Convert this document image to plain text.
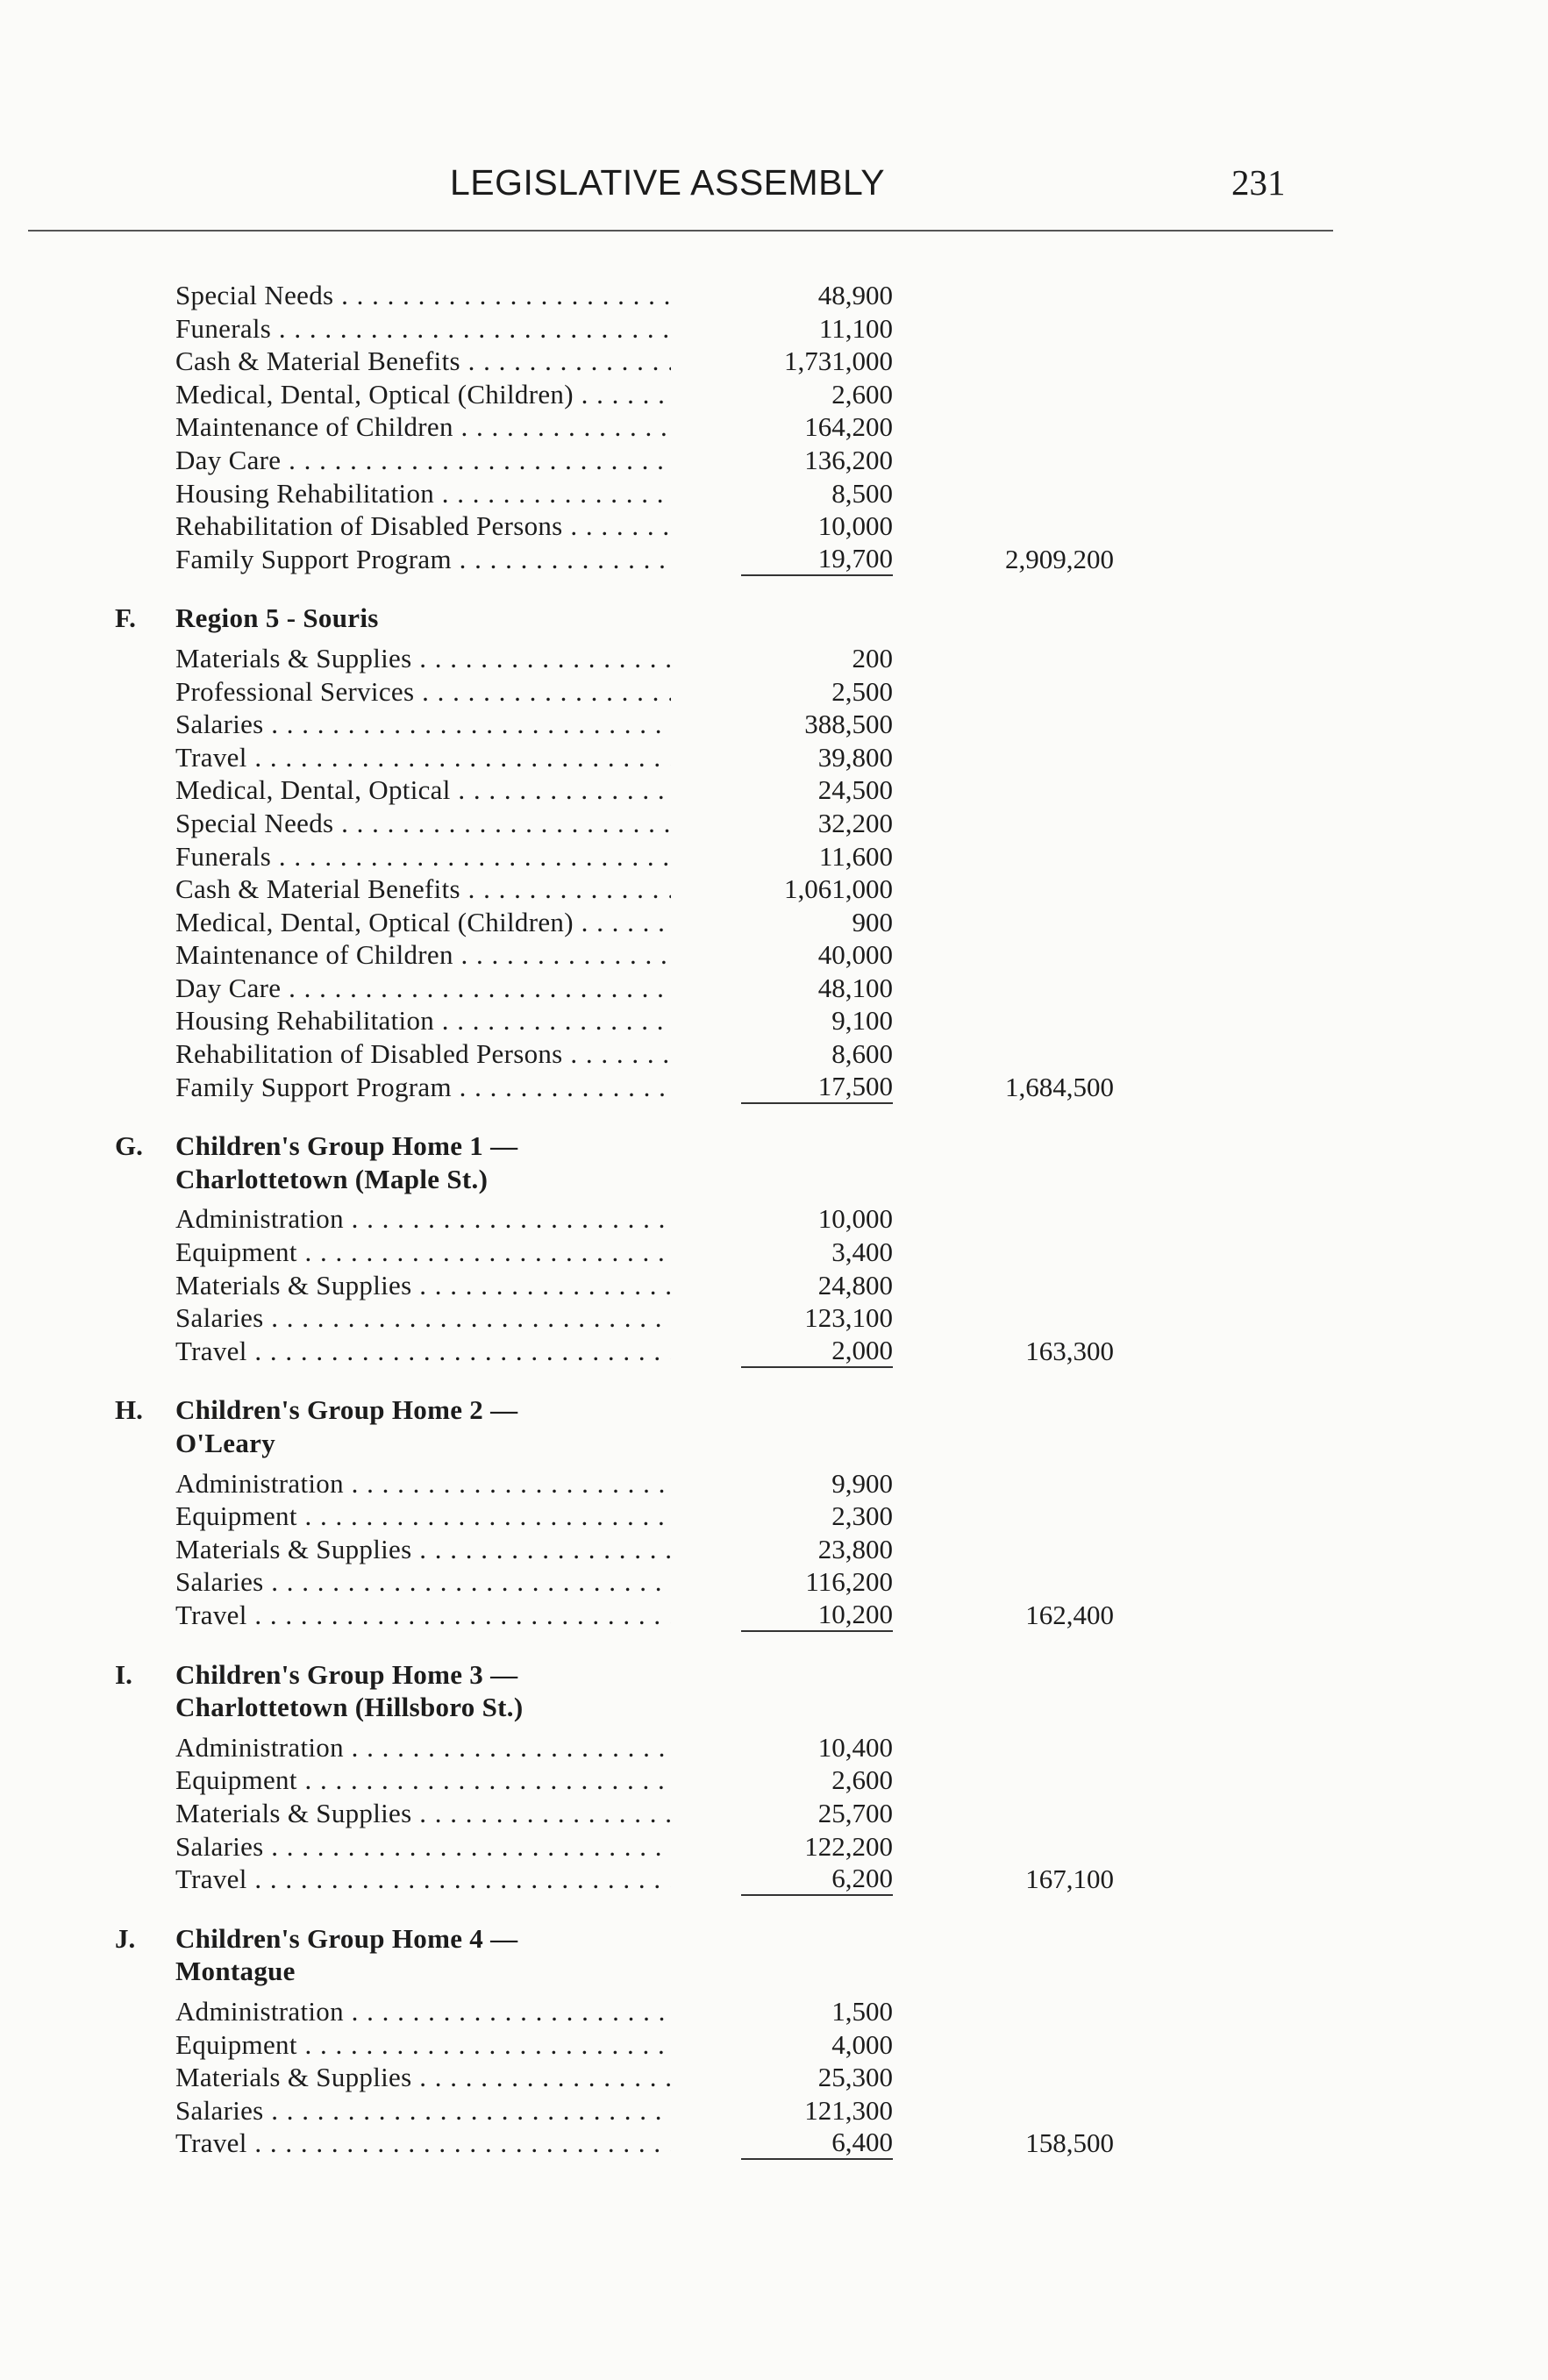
LEGISLATIVE ASSEMBLY	231
Special Needs . . .	48,900
Funerals . . .	11,100
Cash & Material Benefits . . .	1,731,000
Medical, Dental, Optical (Children) . . .	2,600
Maintenance of Children . . .	164,200
Day Care . . .	136,200
Housing Rehabilitation . . .	8,500
Rehabilitation of Disabled Persons . . .	10,000
Family Support Program . . .	19,700	2,909,200
F. Region 5 - Souris
Materials & Supplies . . .	200
Professional Services . . .	2,500
Salaries . . .	388,500
Travel . . .	39,800
Medical, Dental, Optical . . .	24,500
Special Needs . . .	32,200
Funerals . . .	11,600
Cash & Material Benefits . . .	1,061,000
Medical, Dental, Optical (Children) . . .	900
Maintenance of Children . . .	40,000
Day Care . . .	48,100
Housing Rehabilitation . . .	9,100
Rehabilitation of Disabled Persons . . .	8,600
Family Support Program . . .	17,500	1,684,500
G. Children's Group Home 1 —
Charlottetown (Maple St.)
Administration . . .	10,000
Equipment . . .	3,400
Materials & Supplies . . .	24,800
Salaries . . .	123,100
Travel . . .	2,000	163,300
H. Children's Group Home 2 —
O'Leary
Administration . . .	9,900
Equipment . . .	2,300
Materials & Supplies . . .	23,800
Salaries . . .	116,200
Travel . . .	10,200	162,400
I. Children's Group Home 3 —
Charlottetown (Hillsboro St.)
Administration . . .	10,400
Equipment . . .	2,600
Materials & Supplies . . .	25,700
Salaries . . .	122,200
Travel . . .	6,200	167,100
J. Children's Group Home 4 —
Montague
Administration . . .	1,500
Equipment . . .	4,000
Materials & Supplies . . .	25,300
Salaries . . .	121,300
Travel . . .	6,400	158,500
